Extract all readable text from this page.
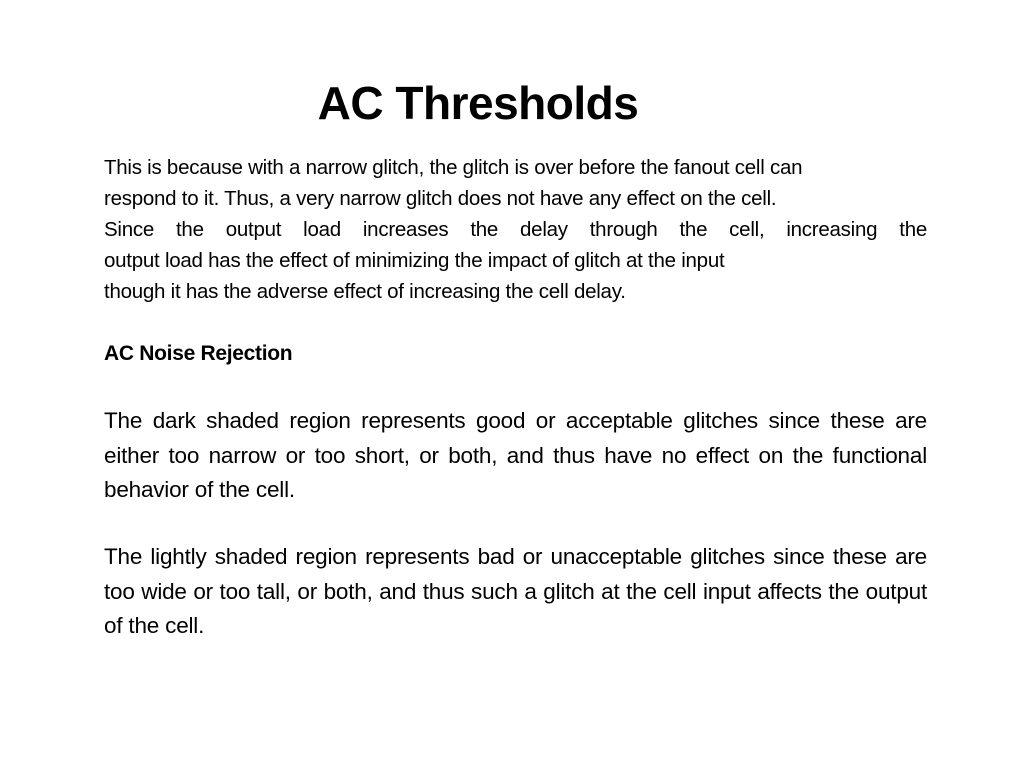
AC Thresholds
This is because with a narrow glitch, the glitch is over before the fanout cell can
respond to it. Thus, a very narrow glitch does not have any effect on the cell.
Since the output load increases the delay through the cell, increasing the
output load has the effect of minimizing the impact of glitch at the input
though it has the adverse effect of increasing the cell delay.
AC Noise Rejection

The dark shaded region represents good or acceptable glitches since these are either too narrow or too short, or both, and thus have no effect on the functional behavior of the cell.

The lightly shaded region represents bad or unacceptable glitches since these are too wide or too tall, or both, and thus such a glitch at the cell input affects the output of the cell.
